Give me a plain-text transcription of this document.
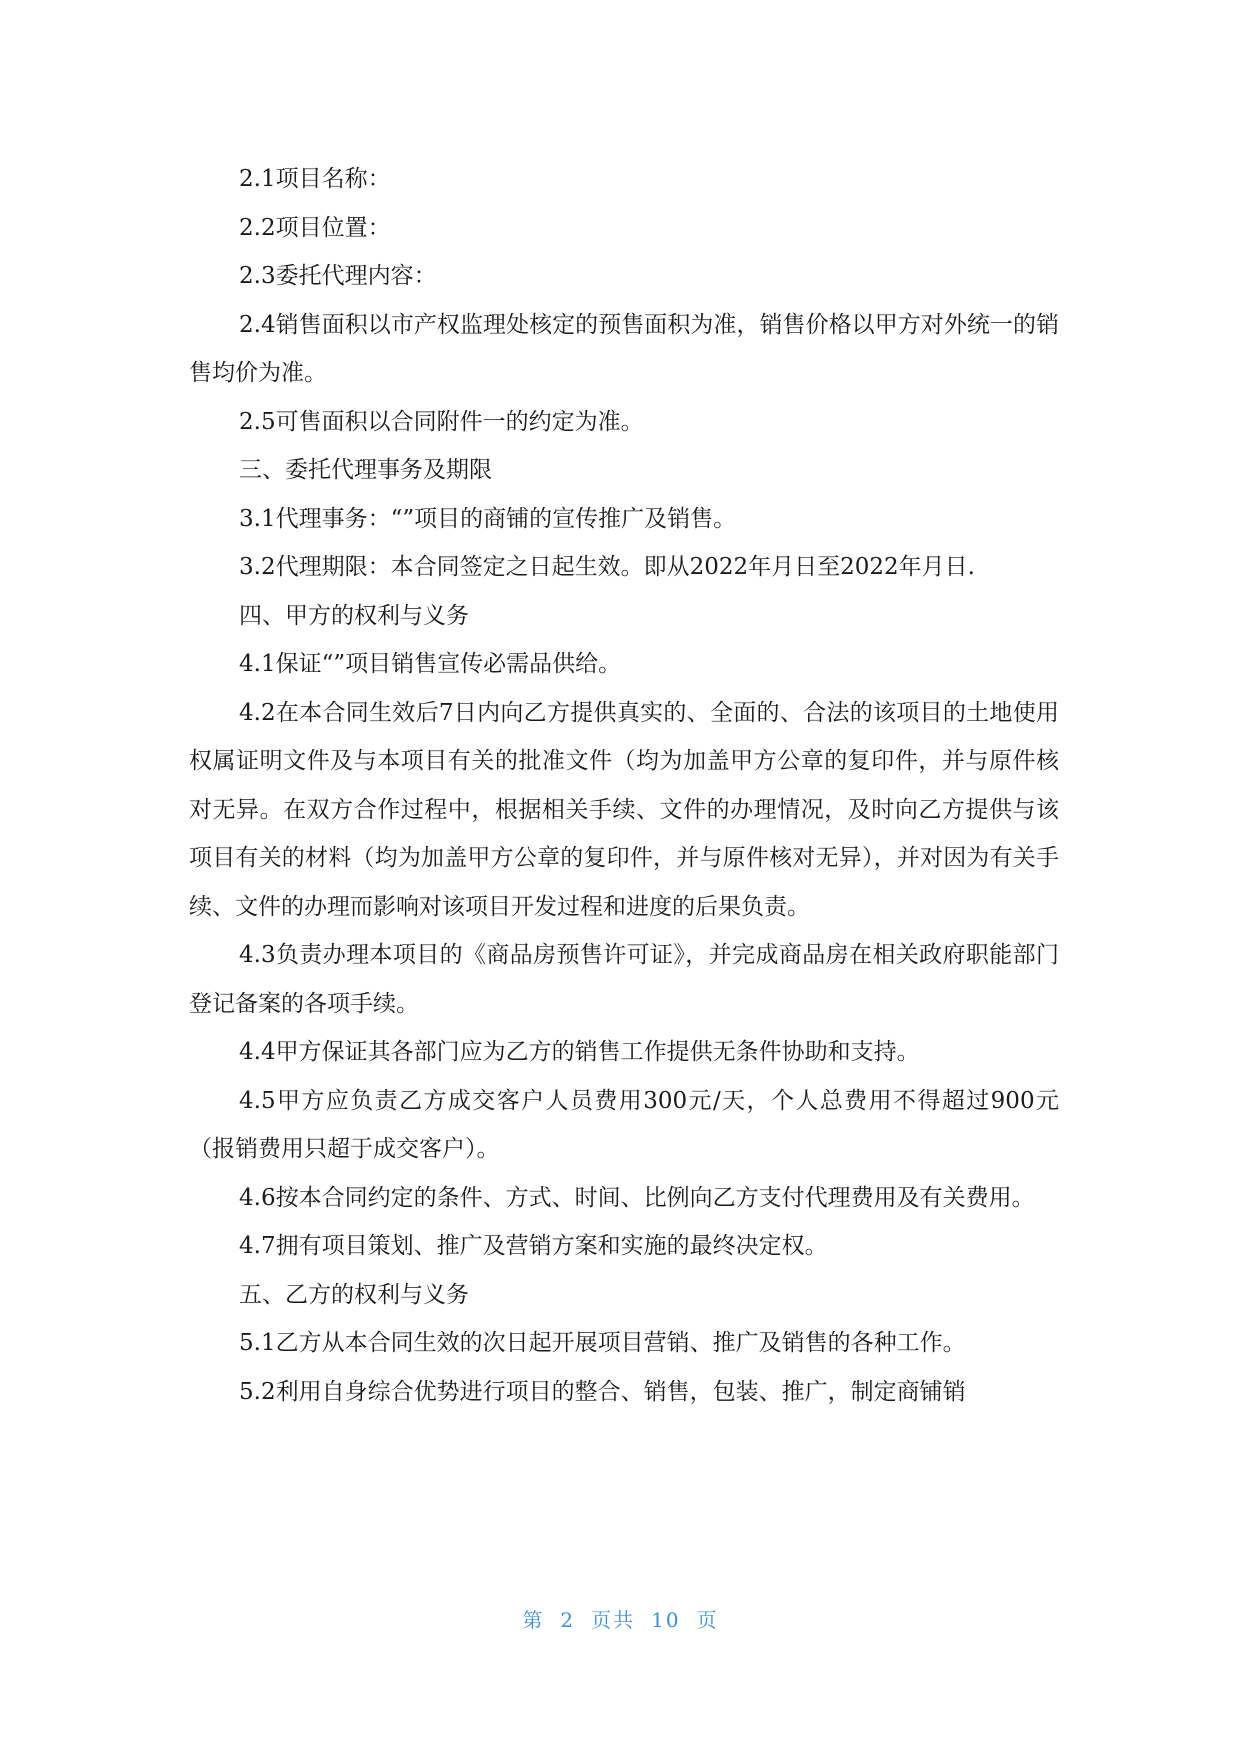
2.1项目名称：

2.2项目位置：

2.3委托代理内容：

2.4销售面积以市产权监理处核定的预售面积为准，销售价格以甲方对外统一的销售均价为准。

2.5可售面积以合同附件一的约定为准。

三、委托代理事务及期限

3.1代理事务：“”项目的商铺的宣传推广及销售。

3.2代理期限：本合同签定之日起生效。即从2022年月日至2022年月日.

四、甲方的权利与义务

4.1保证“”项目销售宣传必需品供给。

4.2在本合同生效后7日内向乙方提供真实的、全面的、合法的该项目的土地使用权属证明文件及与本项目有关的批准文件（均为加盖甲方公章的复印件，并与原件核对无异。在双方合作过程中，根据相关手续、文件的办理情况，及时向乙方提供与该项目有关的材料（均为加盖甲方公章的复印件，并与原件核对无异），并对因为有关手续、文件的办理而影响对该项目开发过程和进度的后果负责。

4.3负责办理本项目的《商品房预售许可证》，并完成商品房在相关政府职能部门登记备案的各项手续。

4.4甲方保证其各部门应为乙方的销售工作提供无条件协助和支持。

4.5甲方应负责乙方成交客户人员费用300元/天，个人总费用不得超过900元（报销费用只超于成交客户）。

4.6按本合同约定的条件、方式、时间、比例向乙方支付代理费用及有关费用。

4.7拥有项目策划、推广及营销方案和实施的最终决定权。

五、乙方的权利与义务

5.1乙方从本合同生效的次日起开展项目营销、推广及销售的各种工作。

5.2利用自身综合优势进行项目的整合、销售，包装、推广，制定商铺销

第 2 页共 10 页
